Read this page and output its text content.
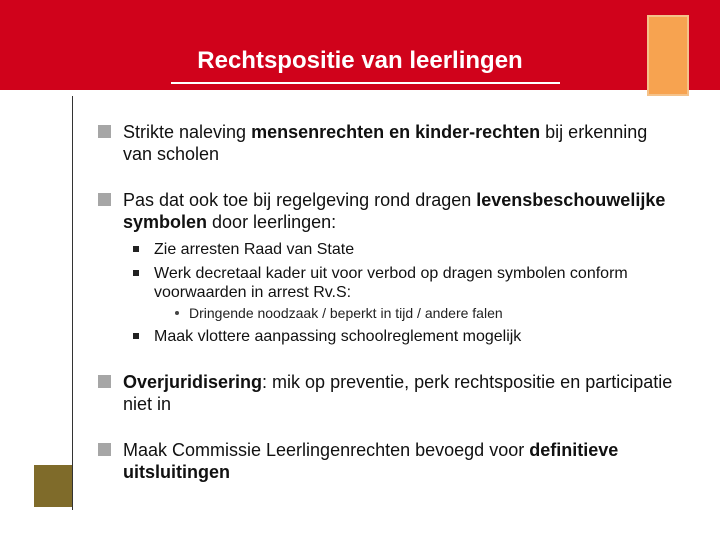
Rechtspositie van leerlingen
Strikte naleving mensenrechten en kinder-rechten bij erkenning van scholen
Pas dat ook toe bij regelgeving rond dragen levensbeschouwelijke symbolen door leerlingen:
Zie arresten Raad van State
Werk decretaal kader uit voor verbod op dragen symbolen conform voorwaarden in arrest Rv.S:
Dringende noodzaak / beperkt in tijd / andere falen
Maak vlottere aanpassing schoolreglement mogelijk
Overjuridisering: mik op preventie, perk rechtspositie en participatie niet in
Maak Commissie Leerlingenrechten bevoegd voor definitieve uitsluitingen
